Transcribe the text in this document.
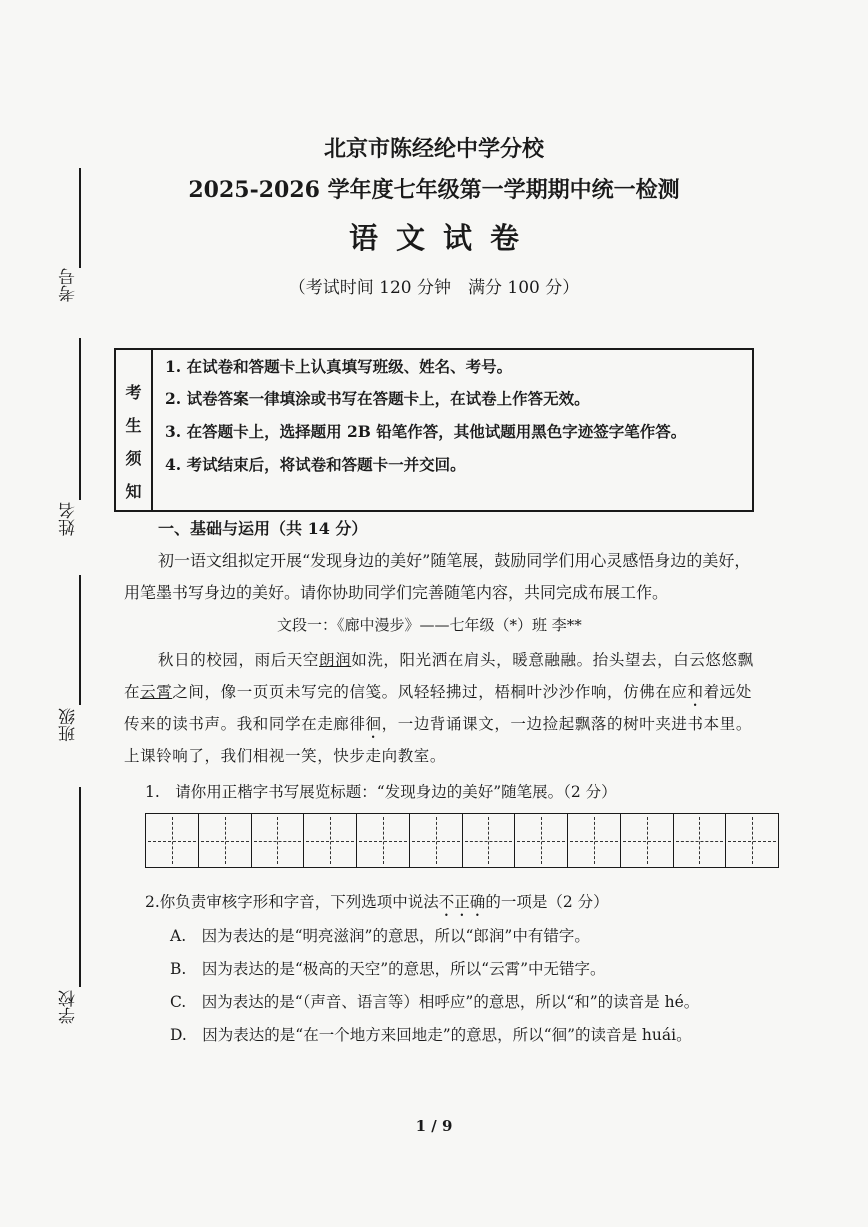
考号
姓名
班级
学校
北京市陈经纶中学分校
2025-2026 学年度七年级第一学期期中统一检测
语文试卷
（考试时间 120 分钟　满分 100 分）
考
生
须
知
1. 在试卷和答题卡上认真填写班级、姓名、考号。
2. 试卷答案一律填涂或书写在答题卡上，在试卷上作答无效。
3. 在答题卡上，选择题用 2B 铅笔作答，其他试题用黑色字迹签字笔作答。
4. 考试结束后，将试卷和答题卡一并交回。
一、基础与运用（共 14 分）
初一语文组拟定开展“发现身边的美好”随笔展，鼓励同学们用心灵感悟身边的美好，
用笔墨书写身边的美好。请你协助同学们完善随笔内容，共同完成布展工作。
文段一：《廊中漫步》——七年级（*）班 李**
秋日的校园，雨后天空朗润如洗，阳光洒在肩头，暖意融融。抬头望去，白云悠悠飘
在云霄之间，像一页页未写完的信笺。风轻轻拂过，梧桐叶沙沙作响，仿佛在应和着远处
传来的读书声。我和同学在走廊徘徊，一边背诵课文，一边捡起飘落的树叶夹进书本里。
上课铃响了，我们相视一笑，快步走向教室。
1.　请你用正楷字书写展览标题：“发现身边的美好”随笔展。（2 分）
2.你负责审核字形和字音，下列选项中说法不正确的一项是（2 分）
A.　因为表达的是“明亮滋润”的意思，所以“郎润”中有错字。
B.　因为表达的是“极高的天空”的意思，所以“云霄”中无错字。
C.　因为表达的是“（声音、语言等）相呼应”的意思，所以“和”的读音是 hé。
D.　因为表达的是“在一个地方来回地走”的意思，所以“徊”的读音是 huái。
1 / 9
